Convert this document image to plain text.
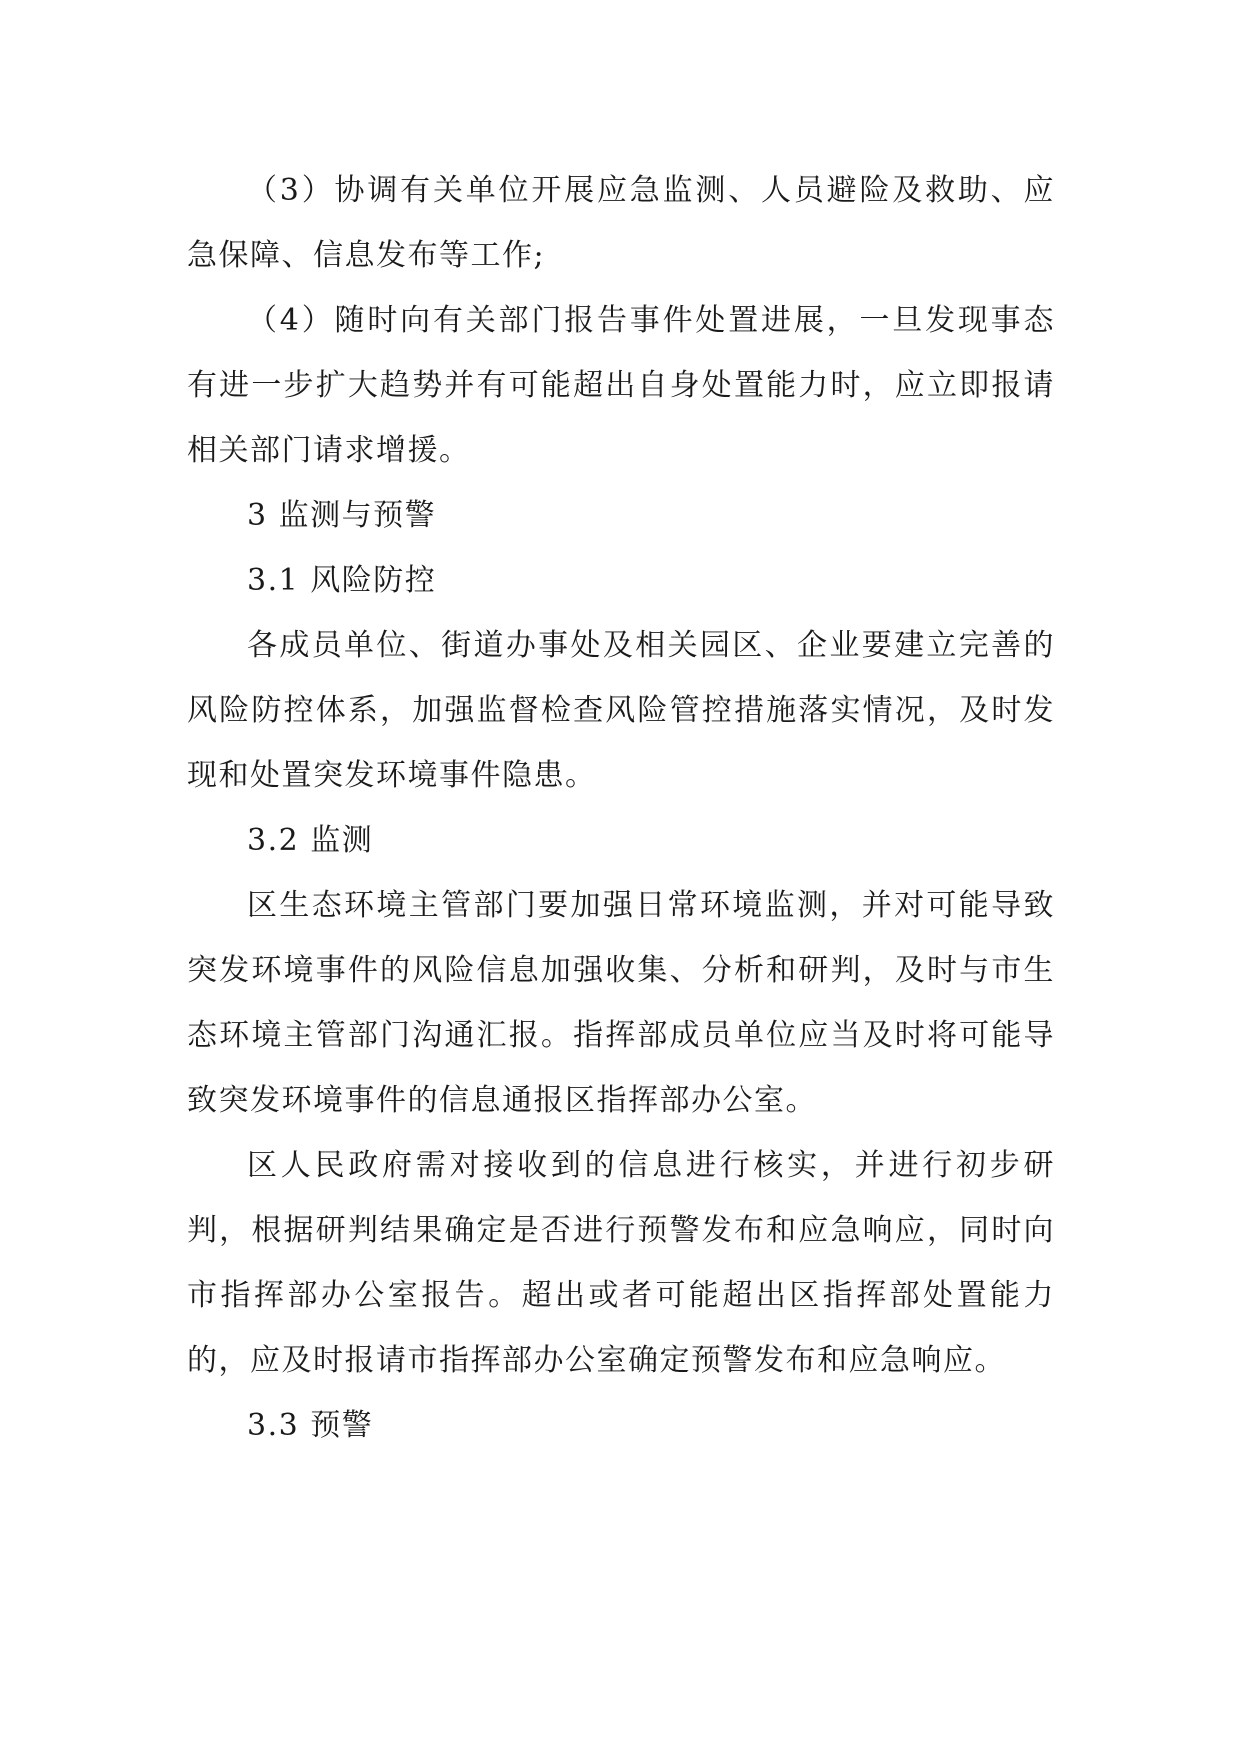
（3）协调有关单位开展应急监测、人员避险及救助、应急保障、信息发布等工作;

（4）随时向有关部门报告事件处置进展，一旦发现事态有进一步扩大趋势并有可能超出自身处置能力时，应立即报请相关部门请求增援。

3 监测与预警

3.1 风险防控

各成员单位、街道办事处及相关园区、企业要建立完善的风险防控体系，加强监督检查风险管控措施落实情况，及时发现和处置突发环境事件隐患。

3.2 监测

区生态环境主管部门要加强日常环境监测，并对可能导致突发环境事件的风险信息加强收集、分析和研判，及时与市生态环境主管部门沟通汇报。指挥部成员单位应当及时将可能导致突发环境事件的信息通报区指挥部办公室。

区人民政府需对接收到的信息进行核实，并进行初步研判，根据研判结果确定是否进行预警发布和应急响应，同时向市指挥部办公室报告。超出或者可能超出区指挥部处置能力的，应及时报请市指挥部办公室确定预警发布和应急响应。

3.3 预警
